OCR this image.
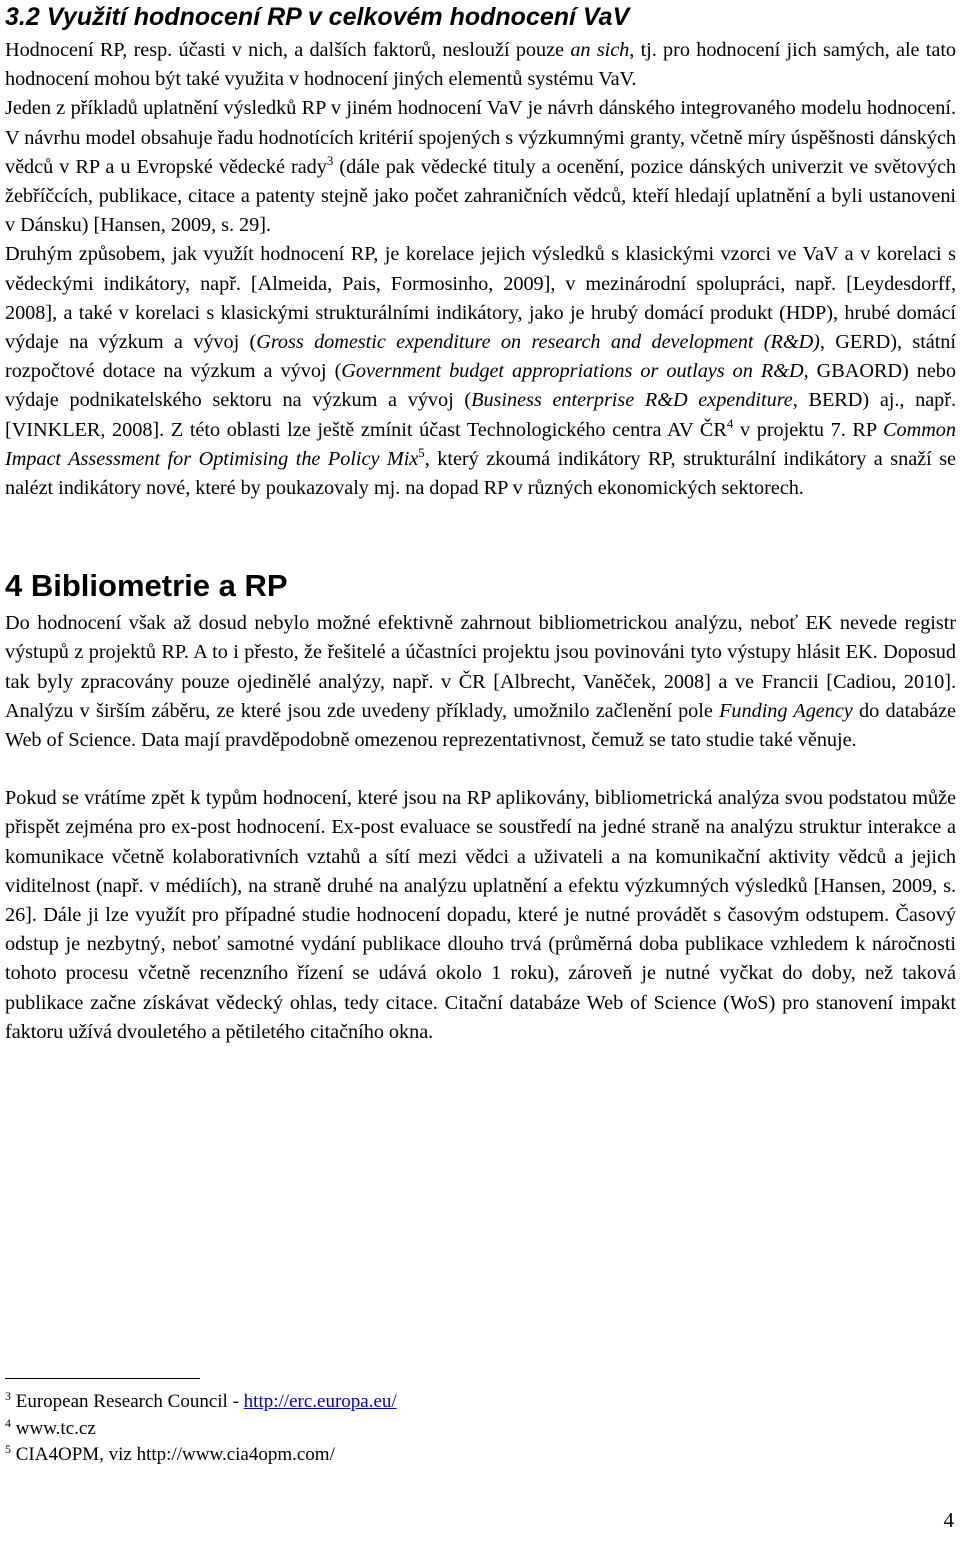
3.2 Využití hodnocení RP v celkovém hodnocení VaV

Hodnocení RP, resp. účasti v nich, a dalších faktorů, neslouží pouze an sich, tj. pro hodnocení jich samých, ale tato hodnocení mohou být také využita v hodnocení jiných elementů systému VaV.

Jeden z příkladů uplatnění výsledků RP v jiném hodnocení VaV je návrh dánského integrovaného modelu hodnocení. V návrhu model obsahuje řadu hodnotících kritérií spojených s výzkumnými granty, včetně míry úspěšnosti dánských vědců v RP a u Evropské vědecké rady$^3$ (dále pak vědecké tituly a ocenění, pozice dánských univerzit ve světových žebříčcích, publikace, citace a patenty stejně jako počet zahraničních vědců, kteří hledají uplatnění a byli ustanoveni v Dánsku) [Hansen, 2009, s. 29].

Druhým způsobem, jak využít hodnocení RP, je korelace jejich výsledků s klasickými vzorci ve VaV a v korelaci s vědeckými indikátory, např. [Almeida, Pais, Formosinho, 2009], v mezinárodní spolupráci, např. [Leydesdorff, 2008], a také v korelaci s klasickými strukturálními indikátory, jako je hrubý domácí produkt (HDP), hrubé domácí výdaje na výzkum a vývoj (Gross domestic expenditure on research and development (R&D), GERD), státní rozpočtové dotace na výzkum a vývoj (Government budget appropriations or outlays on R&D, GBAORD) nebo výdaje podnikatelského sektoru na výzkum a vývoj (Business enterprise R&D expenditure, BERD) aj., např. [VINKLER, 2008]. Z této oblasti lze ještě zmínit účast Technologického centra AV $ČR^4$ v projektu 7. RP Common Impact Assessment for Optimising the Policy Mix$^5$, který zkoumá indikátory RP, strukturální indikátory a snaží se nalézt indikátory nové, které by poukazovaly mj. na dopad RP v různých ekonomických sektorech.

4 Bibliometrie a RP

Do hodnocení však až dosud nebylo možné efektivně zahrnout bibliometrickou analýzu, neboť EK nevede registr výstupů z projektů RP. A to i přesto, že řešitelé a účastníci projektu jsou povinováni tyto výstupy hlásit EK. Doposud tak byly zpracovány pouze ojedinělé analýzy, např. v ČR [Albrecht, Vaněček, 2008] a ve Francii [Cadiou, 2010]. Analýzu v širším záběru, ze které jsou zde uvedeny příklady, umožnilo začlenění pole Funding Agency do databáze Web of Science. Data mají pravděpodobně omezenou reprezentativnost, čemuž se tato studie také věnuje.

Pokud se vrátíme zpět k typům hodnocení, které jsou na RP aplikovány, bibliometrická analýza svou podstatou může přispět zejména pro ex-post hodnocení. Ex-post evaluace se soustředí na jedné straně na analýzu struktur interakce a komunikace včetně kolaborativních vztahů a sítí mezi vědci a uživateli a na komunikační aktivity vědců a jejich viditelnost (např. v médiích), na straně druhé na analýzu uplatnění a efektu výzkumných výsledků [Hansen, 2009, s. 26]. Dále ji lze využít pro případné studie hodnocení dopadu, které je nutné provádět s časovým odstupem. Časový odstup je nezbytný, neboť samotné vydání publikace dlouho trvá (průměrná doba publikace vzhledem k náročnosti tohoto procesu včetně recenzního řízení se udává okolo 1 roku), zároveň je nutné vyčkat do doby, než taková publikace začne získávat vědecký ohlas, tedy citace. Citační databáze Web of Science (WoS) pro stanovení impakt faktoru užívá dvouletého a pětiletého citačního okna.

$^3$ European Research Council - http://erc.europa.eu/
$^4$ www.tc.cz
$^5$ CIA4OPM, viz http://www.cia4opm.com/
4
